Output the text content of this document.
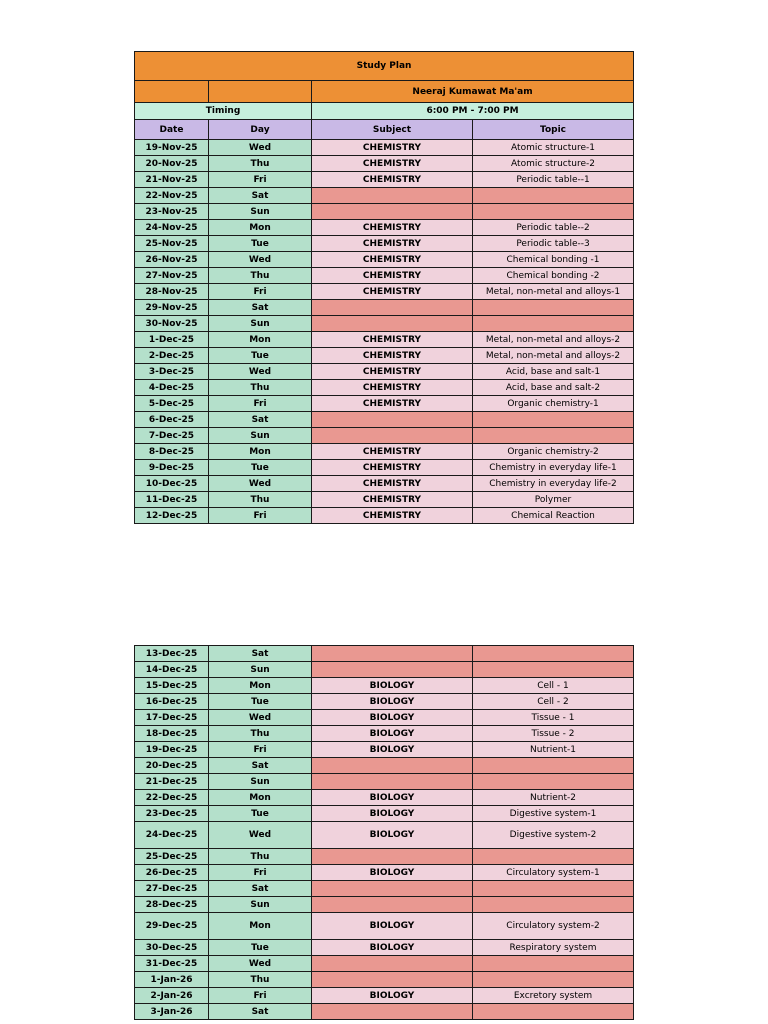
Study Plan			
		Neeraj Kumawat Ma'am	
Timing		6:00 PM - 7:00 PM	
Date	Day	Subject	Topic
19-Nov-25	Wed	CHEMISTRY	Atomic structure-1
20-Nov-25	Thu	CHEMISTRY	Atomic structure-2
21-Nov-25	Fri	CHEMISTRY	Periodic table--1
22-Nov-25	Sat		
23-Nov-25	Sun		
24-Nov-25	Mon	CHEMISTRY	Periodic table--2
25-Nov-25	Tue	CHEMISTRY	Periodic table--3
26-Nov-25	Wed	CHEMISTRY	Chemical bonding -1
27-Nov-25	Thu	CHEMISTRY	Chemical bonding -2
28-Nov-25	Fri	CHEMISTRY	Metal, non-metal and alloys-1
29-Nov-25	Sat		
30-Nov-25	Sun		
1-Dec-25	Mon	CHEMISTRY	Metal, non-metal and alloys-2
2-Dec-25	Tue	CHEMISTRY	Metal, non-metal and alloys-2
3-Dec-25	Wed	CHEMISTRY	Acid, base and salt-1
4-Dec-25	Thu	CHEMISTRY	Acid, base and salt-2
5-Dec-25	Fri	CHEMISTRY	Organic chemistry-1
6-Dec-25	Sat		
7-Dec-25	Sun		
8-Dec-25	Mon	CHEMISTRY	Organic chemistry-2
9-Dec-25	Tue	CHEMISTRY	Chemistry in everyday life-1
10-Dec-25	Wed	CHEMISTRY	Chemistry in everyday life-2
11-Dec-25	Thu	CHEMISTRY	Polymer
12-Dec-25	Fri	CHEMISTRY	Chemical Reaction
13-Dec-25	Sat		
14-Dec-25	Sun		
15-Dec-25	Mon	BIOLOGY	Cell - 1
16-Dec-25	Tue	BIOLOGY	Cell - 2
17-Dec-25	Wed	BIOLOGY	Tissue - 1
18-Dec-25	Thu	BIOLOGY	Tissue - 2
19-Dec-25	Fri	BIOLOGY	Nutrient-1
20-Dec-25	Sat		
21-Dec-25	Sun		
22-Dec-25	Mon	BIOLOGY	Nutrient-2
23-Dec-25	Tue	BIOLOGY	Digestive system-1
24-Dec-25	Wed	BIOLOGY	Digestive system-2
25-Dec-25	Thu		
26-Dec-25	Fri	BIOLOGY	Circulatory system-1
27-Dec-25	Sat		
28-Dec-25	Sun		
29-Dec-25	Mon	BIOLOGY	Circulatory system-2
30-Dec-25	Tue	BIOLOGY	Respiratory system
31-Dec-25	Wed		
1-Jan-26	Thu		
2-Jan-26	Fri	BIOLOGY	Excretory system
3-Jan-26	Sat		
